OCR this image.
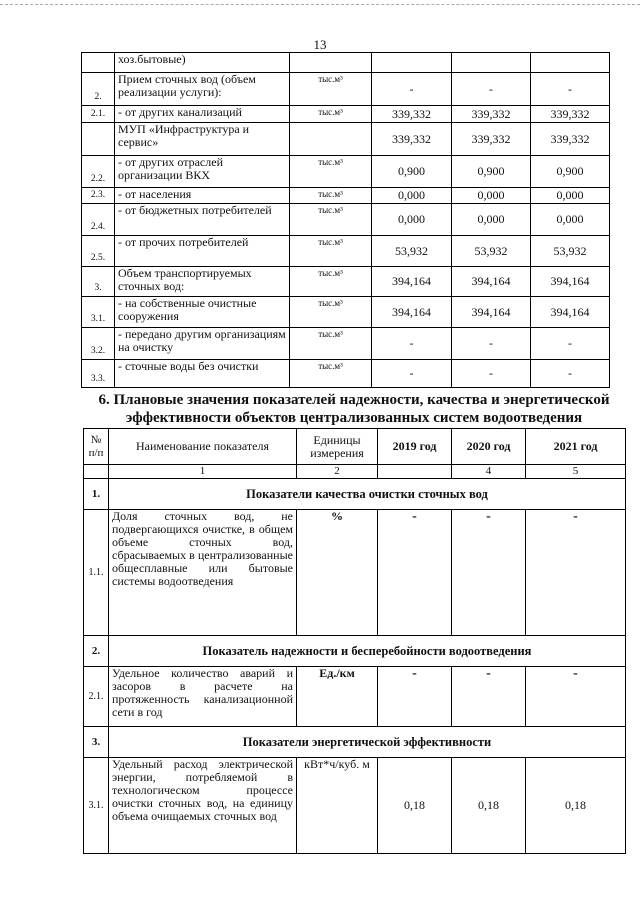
13
	хоз.бытовые)				
2.	Прием сточных вод (объем реализации услуги):	тыс.м³	-	-	-
2.1.	- от других канализаций	тыс.м³	339,332	339,332	339,332
	МУП «Инфраструктура и сервис»		339,332	339,332	339,332
2.2.	- от других отраслей организации ВКХ	тыс.м³	0,900	0,900	0,900
2.3.	- от населения	тыс.м³	0,000	0,000	0,000
2.4.	- от бюджетных потребителей	тыс.м³	0,000	0,000	0,000
2.5.	- от прочих потребителей	тыс.м³	53,932	53,932	53,932
3.	Объем транспортируемых сточных вод:	тыс.м³	394,164	394,164	394,164
3.1.	- на собственные очистные сооружения	тыс.м³	394,164	394,164	394,164
3.2.	- передано другим организациям на очистку	тыс.м³	-	-	-
3.3.	- сточные воды без очистки	тыс.м³	-	-	-
6. Плановые значения показателей надежности, качества и энергетической
эффективности объектов централизованных систем водоотведения
№ п/п	Наименование показателя	Единицы измерения	2019 год	2020 год	2021 год
	1	2		4	5
1.	Показатели качества очистки сточных вод				
1.1.	Доля сточных вод, не подвергающихся очистке, в общем объеме сточных вод, сбрасываемых в централизованные общесплавные или бытовые системы водоотведения	%	-	-	-
2.	Показатель надежности и бесперебойности водоотведения				
2.1.	Удельное количество аварий и засоров в расчете на протяженность канализационной сети в год	Ед./км	-	-	-
3.	Показатели энергетической эффективности				
3.1.	Удельный расход электрической энергии, потребляемой в технологическом процессе очистки сточных вод, на единицу объема очищаемых сточных вод	кВт*ч/куб. м	0,18	0,18	0,18
